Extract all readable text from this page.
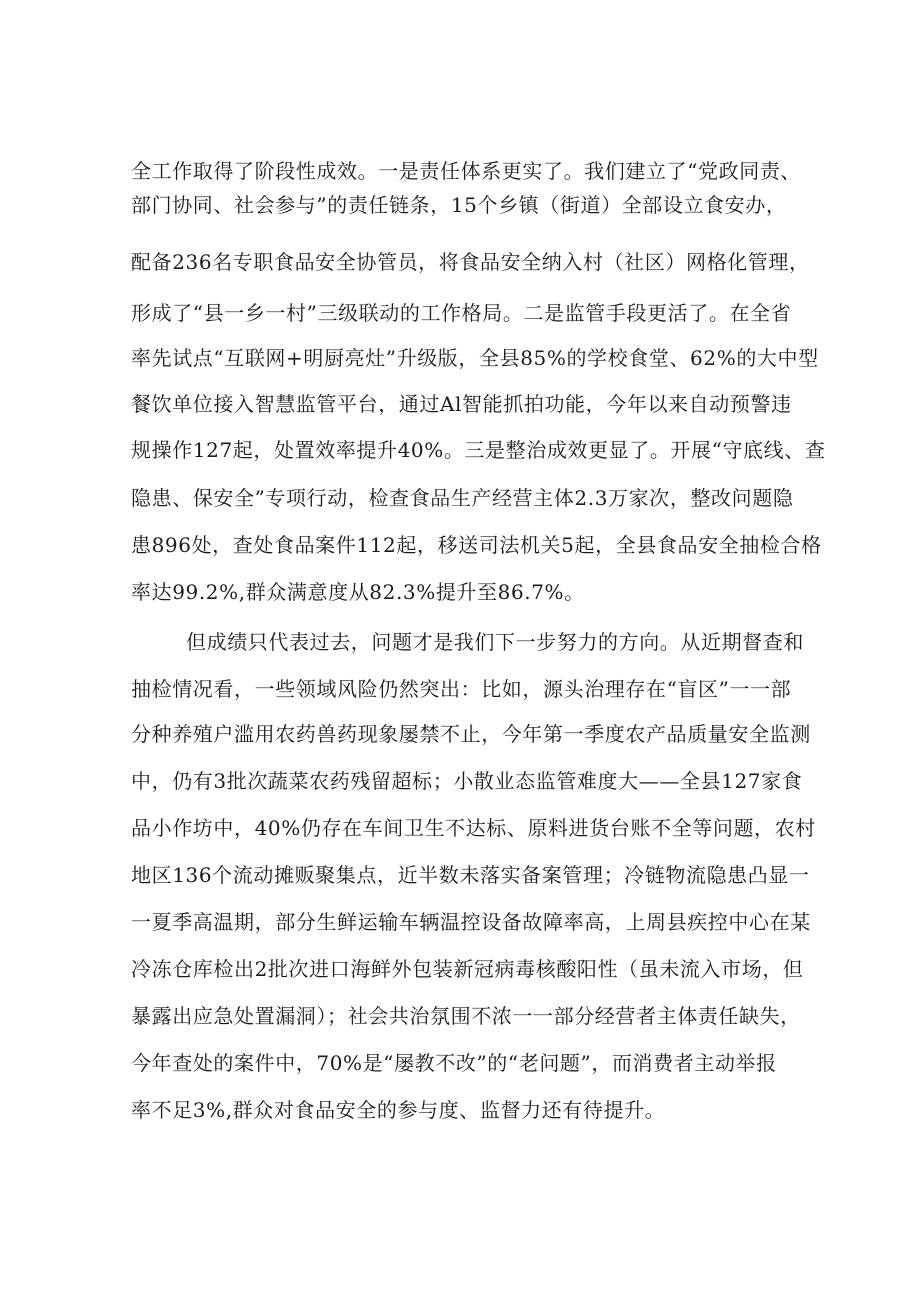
全工作取得了阶段性成效。一是责任体系更实了。我们建立了“党政同责、
部门协同、社会参与”的责任链条，15个乡镇（街道）全部设立食安办，
配备236名专职食品安全协管员，将食品安全纳入村（社区）网格化管理，
形成了“县一乡一村”三级联动的工作格局。二是监管手段更活了。在全省
率先试点“互联网+明厨亮灶”升级版，全县85%的学校食堂、62%的大中型
餐饮单位接入智慧监管平台，通过Al智能抓拍功能，今年以来自动预警违
规操作127起，处置效率提升40%。三是整治成效更显了。开展“守底线、查
隐患、保安全”专项行动，检查食品生产经营主体2.3万家次，整改问题隐
患896处，查处食品案件112起，移送司法机关5起，全县食品安全抽检合格
率达99.2%,群众满意度从82.3%提升至86.7%。
但成绩只代表过去，问题才是我们下一步努力的方向。从近期督查和
抽检情况看，一些领域风险仍然突出：比如，源头治理存在“盲区”一一部
分种养殖户滥用农药兽药现象屡禁不止，今年第一季度农产品质量安全监测
中，仍有3批次蔬菜农药残留超标；小散业态监管难度大——全县127家食
品小作坊中，40%仍存在车间卫生不达标、原料进货台账不全等问题，农村
地区136个流动摊贩聚集点，近半数未落实备案管理；冷链物流隐患凸显一
一夏季高温期，部分生鲜运输车辆温控设备故障率高，上周县疾控中心在某
冷冻仓库检出2批次进口海鲜外包装新冠病毒核酸阳性（虽未流入市场，但
暴露出应急处置漏洞）；社会共治氛围不浓一一部分经营者主体责任缺失，
今年查处的案件中，70%是“屡教不改”的“老问题”，而消费者主动举报
率不足3%,群众对食品安全的参与度、监督力还有待提升。
